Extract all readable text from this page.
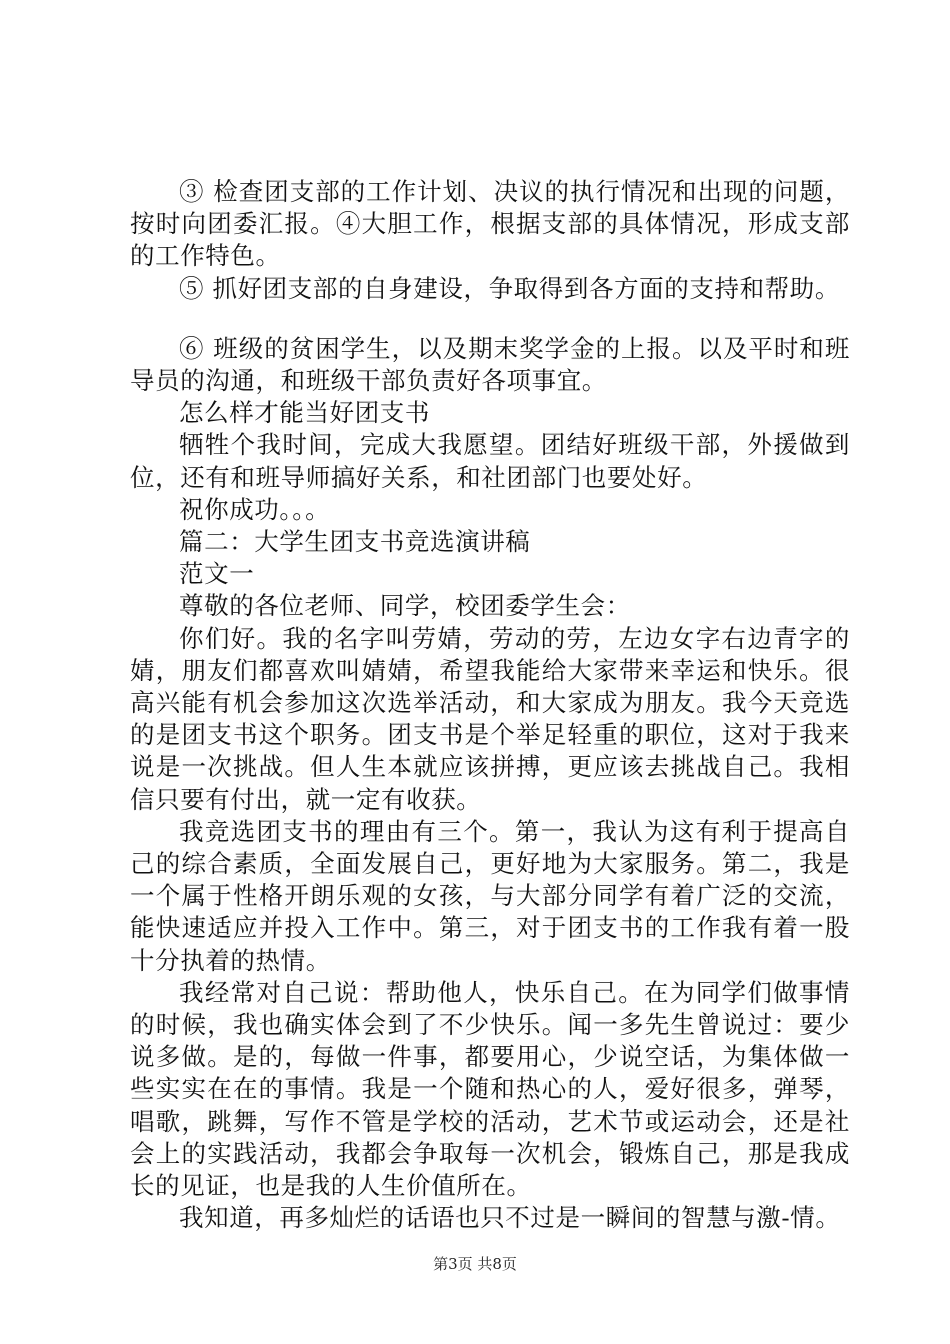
③ 检查团支部的工作计划、决议的执行情况和出现的问题，按时向团委汇报。④大胆工作，根据支部的具体情况，形成支部的工作特色。

⑤ 抓好团支部的自身建设，争取得到各方面的支持和帮助。

⑥ 班级的贫困学生，以及期末奖学金的上报。以及平时和班导员的沟通，和班级干部负责好各项事宜。

怎么样才能当好团支书

牺牲个我时间，完成大我愿望。团结好班级干部，外援做到位，还有和班导师搞好关系，和社团部门也要处好。

祝你成功。。。

篇二：大学生团支书竞选演讲稿

范文一

尊敬的各位老师、同学，校团委学生会：

你们好。我的名字叫劳婧，劳动的劳，左边女字右边青字的婧，朋友们都喜欢叫婧婧，希望我能给大家带来幸运和快乐。很高兴能有机会参加这次选举活动，和大家成为朋友。我今天竞选的是团支书这个职务。团支书是个举足轻重的职位，这对于我来说是一次挑战。但人生本就应该拼搏，更应该去挑战自己。我相信只要有付出，就一定有收获。

我竞选团支书的理由有三个。第一，我认为这有利于提高自己的综合素质，全面发展自己，更好地为大家服务。第二，我是一个属于性格开朗乐观的女孩，与大部分同学有着广泛的交流，能快速适应并投入工作中。第三，对于团支书的工作我有着一股十分执着的热情。

我经常对自己说：帮助他人，快乐自己。在为同学们做事情的时候，我也确实体会到了不少快乐。闻一多先生曾说过：要少说多做。是的，每做一件事，都要用心，少说空话，为集体做一些实实在在的事情。我是一个随和热心的人，爱好很多，弹琴，唱歌，跳舞，写作不管是学校的活动，艺术节或运动会，还是社会上的实践活动，我都会争取每一次机会，锻炼自己，那是我成长的见证，也是我的人生价值所在。

我知道，再多灿烂的话语也只不过是一瞬间的智慧与激-情。

第3页 共8页
